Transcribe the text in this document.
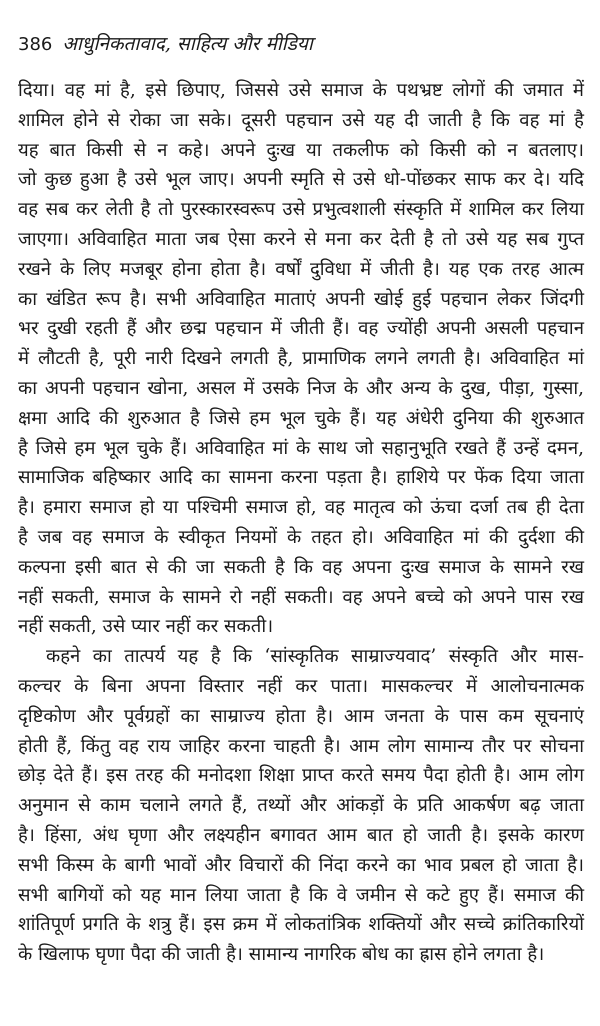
386 आधुनिकतावाद, साहित्य और मीडिया
दिया। वह मां है, इसे छिपाए, जिससे उसे समाज के पथभ्रष्ट लोगों की जमात में
शामिल होने से रोका जा सके। दूसरी पहचान उसे यह दी जाती है कि वह मां है
यह बात किसी से न कहे। अपने दुःख या तकलीफ को किसी को न बतलाए।
जो कुछ हुआ है उसे भूल जाए। अपनी स्मृति से उसे धो-पोंछकर साफ कर दे। यदि
वह सब कर लेती है तो पुरस्कारस्वरूप उसे प्रभुत्वशाली संस्कृति में शामिल कर लिया
जाएगा। अविवाहित माता जब ऐसा करने से मना कर देती है तो उसे यह सब गुप्त
रखने के लिए मजबूर होना होता है। वर्षों दुविधा में जीती है। यह एक तरह आत्म
का खंडित रूप है। सभी अविवाहित माताएं अपनी खोई हुई पहचान लेकर जिंदगी
भर दुखी रहती हैं और छद्म पहचान में जीती हैं। वह ज्योंही अपनी असली पहचान
में लौटती है, पूरी नारी दिखने लगती है, प्रामाणिक लगने लगती है। अविवाहित मां
का अपनी पहचान खोना, असल में उसके निज के और अन्य के दुख, पीड़ा, गुस्सा,
क्षमा आदि की शुरुआत है जिसे हम भूल चुके हैं। यह अंधेरी दुनिया की शुरुआत
है जिसे हम भूल चुके हैं। अविवाहित मां के साथ जो सहानुभूति रखते हैं उन्हें दमन,
सामाजिक बहिष्कार आदि का सामना करना पड़ता है। हाशिये पर फेंक दिया जाता
है। हमारा समाज हो या पश्चिमी समाज हो, वह मातृत्व को ऊंचा दर्जा तब ही देता
है जब वह समाज के स्वीकृत नियमों के तहत हो। अविवाहित मां की दुर्दशा की
कल्पना इसी बात से की जा सकती है कि वह अपना दुःख समाज के सामने रख
नहीं सकती, समाज के सामने रो नहीं सकती। वह अपने बच्चे को अपने पास रख
नहीं सकती, उसे प्यार नहीं कर सकती।
कहने का तात्पर्य यह है कि ‘सांस्कृतिक साम्राज्यवाद’ संस्कृति और मास-
कल्चर के बिना अपना विस्तार नहीं कर पाता। मासकल्चर में आलोचनात्मक
दृष्टिकोण और पूर्वग्रहों का साम्राज्य होता है। आम जनता के पास कम सूचनाएं
होती हैं, किंतु वह राय जाहिर करना चाहती है। आम लोग सामान्य तौर पर सोचना
छोड़ देते हैं। इस तरह की मनोदशा शिक्षा प्राप्त करते समय पैदा होती है। आम लोग
अनुमान से काम चलाने लगते हैं, तथ्यों और आंकड़ों के प्रति आकर्षण बढ़ जाता
है। हिंसा, अंध घृणा और लक्ष्यहीन बगावत आम बात हो जाती है। इसके कारण
सभी किस्म के बागी भावों और विचारों की निंदा करने का भाव प्रबल हो जाता है।
सभी बागियों को यह मान लिया जाता है कि वे जमीन से कटे हुए हैं। समाज की
शांतिपूर्ण प्रगति के शत्रु हैं। इस क्रम में लोकतांत्रिक शक्तियों और सच्चे क्रांतिकारियों
के खिलाफ घृणा पैदा की जाती है। सामान्य नागरिक बोध का ह्रास होने लगता है।
